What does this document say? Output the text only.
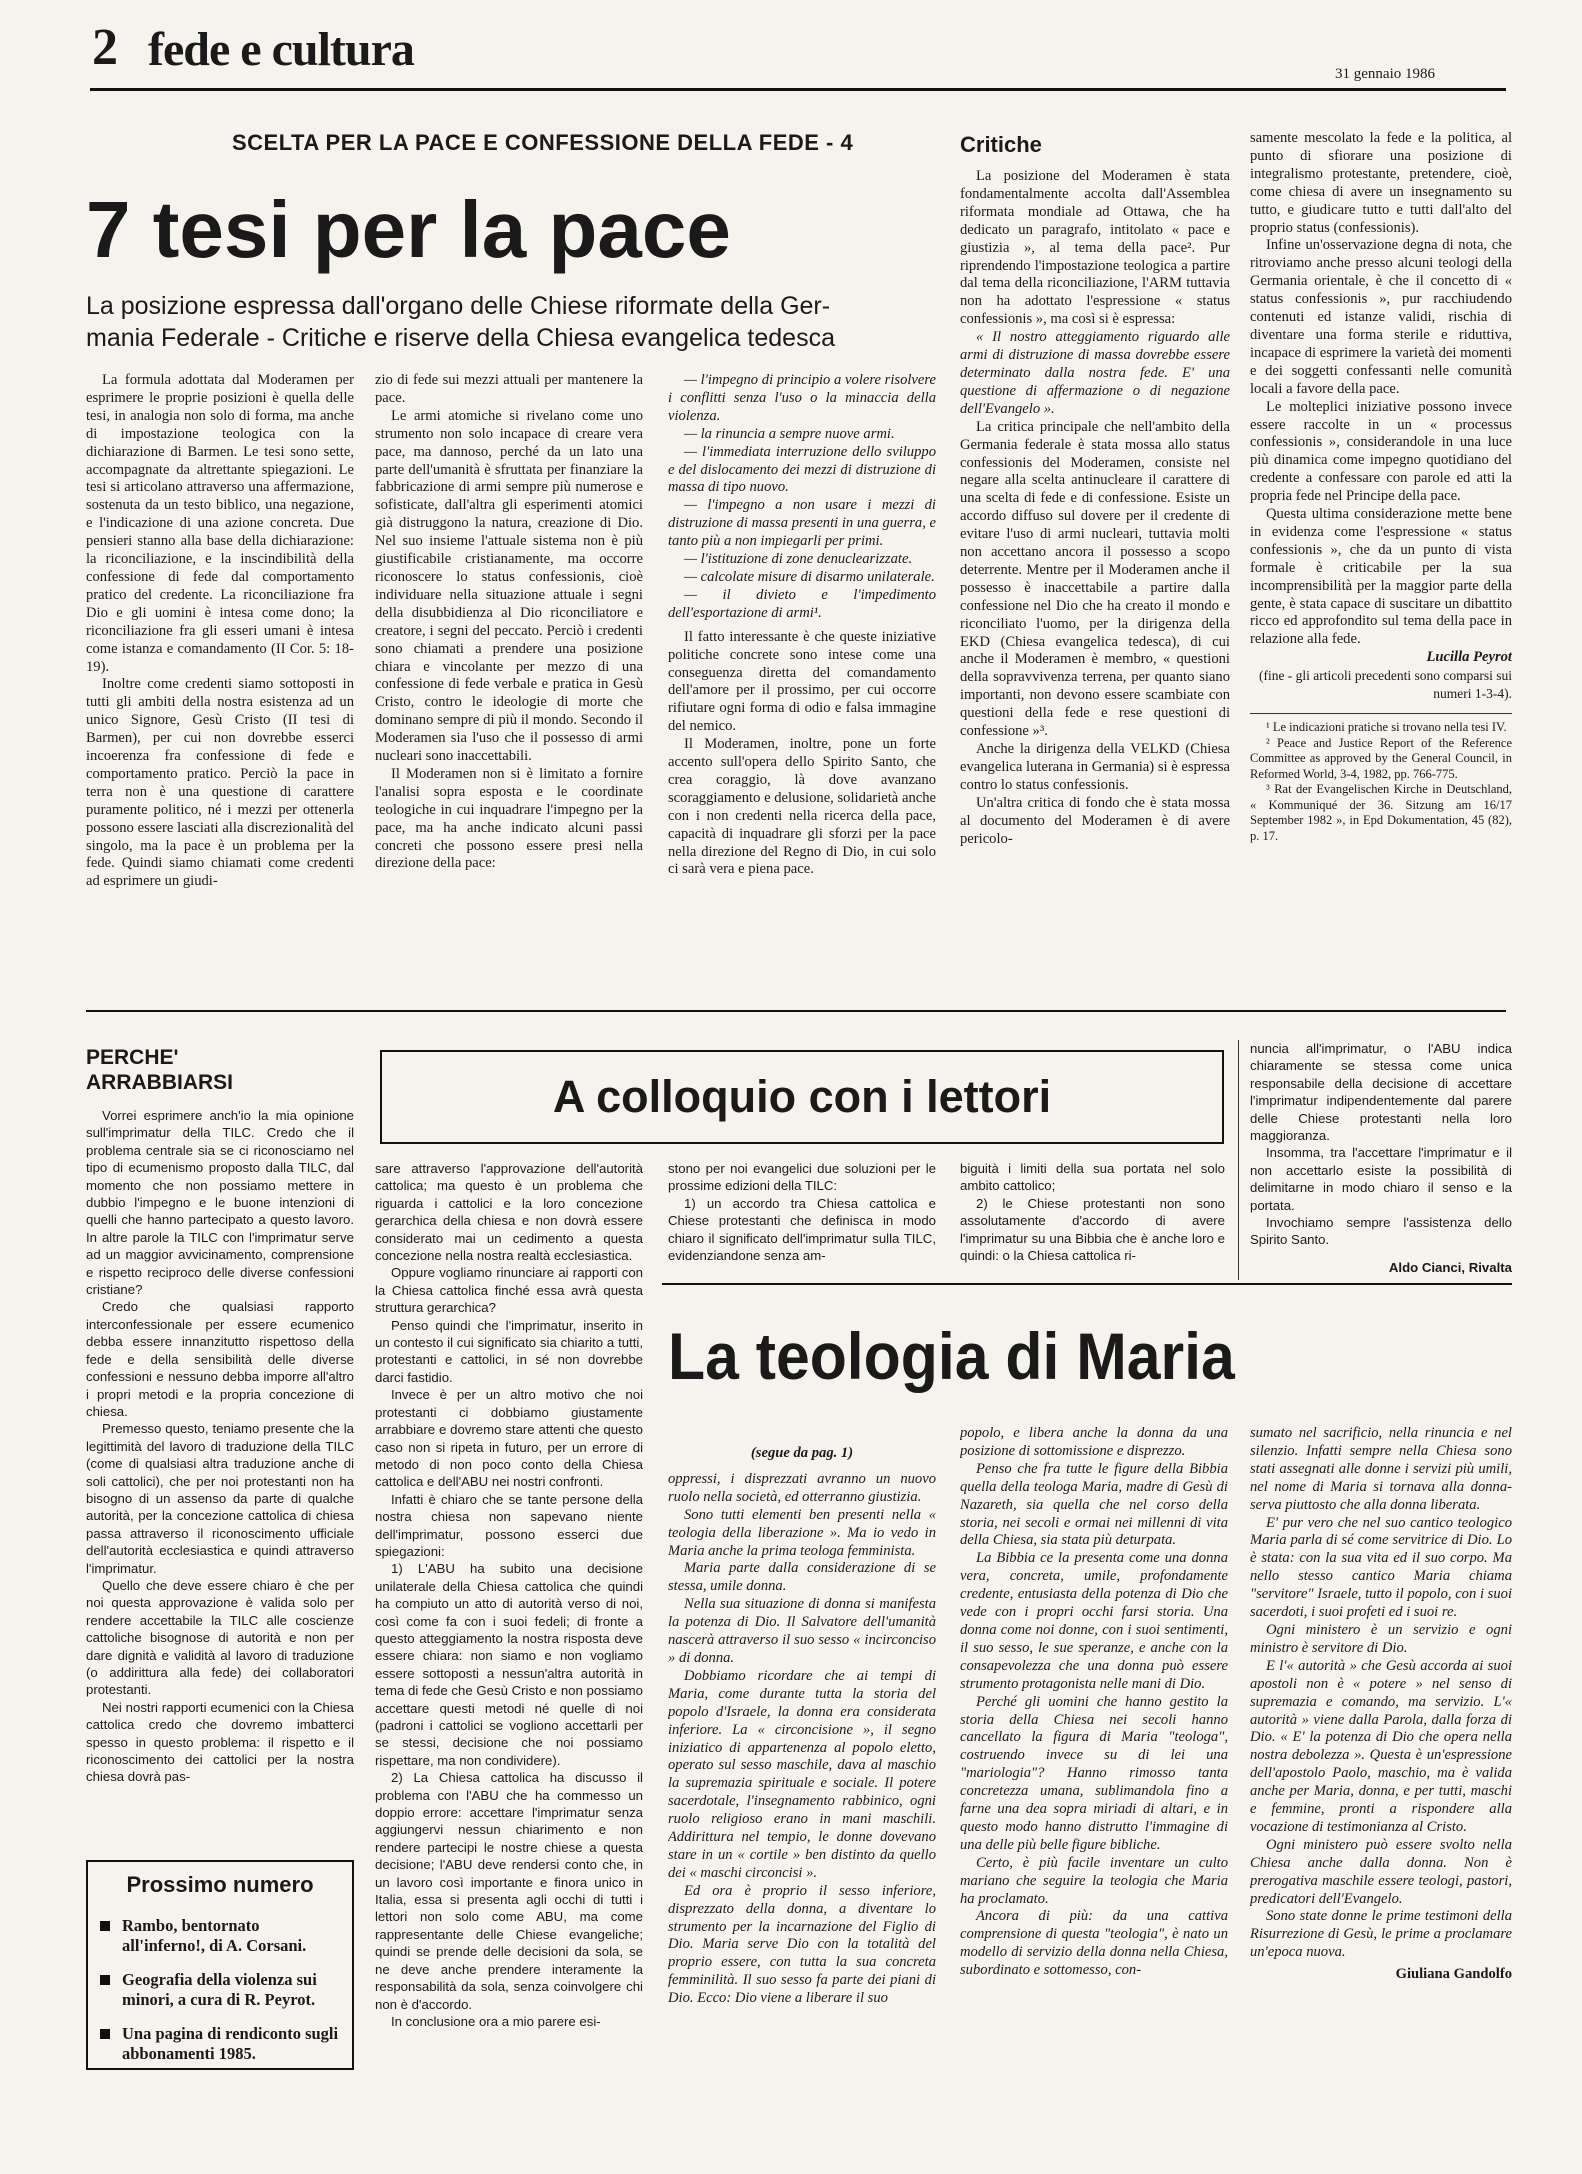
2 fede e cultura	31 gennaio 1986
SCELTA PER LA PACE E CONFESSIONE DELLA FEDE - 4
7 tesi per la pace
La posizione espressa dall'organo delle Chiese riformate della Ger-
mania Federale - Critiche e riserve della Chiesa evangelica tedesca

La formula adottata dal Moderamen per esprimere le proprie posizioni è quella delle tesi, in analogia non solo di forma, ma anche di impostazione teologica con la dichiarazione di Barmen. Le tesi sono sette, accompagnate da altrettante spiegazioni. Le tesi si articolano attraverso una affermazione, sostenuta da un testo biblico, una negazione, e l'indicazione di una azione concreta. Due pensieri stanno alla base della dichiarazione: la riconciliazione, e la inscindibilità della confessione di fede dal comportamento pratico del credente. La riconciliazione fra Dio e gli uomini è intesa come dono; la riconciliazione fra gli esseri umani è intesa come istanza e comandamento (II Cor. 5: 18-19).

Inoltre come credenti siamo sottoposti in tutti gli ambiti della nostra esistenza ad un unico Signore, Gesù Cristo (II tesi di Barmen), per cui non dovrebbe esserci incoerenza fra confessione di fede e comportamento pratico. Perciò la pace in terra non è una questione di carattere puramente politico, né i mezzi per ottenerla possono essere lasciati alla discrezionalità del singolo, ma la pace è un problema per la fede. Quindi siamo chiamati come credenti ad esprimere un giudi-

zio di fede sui mezzi attuali per mantenere la pace.

Le armi atomiche si rivelano come uno strumento non solo incapace di creare vera pace, ma dannoso, perché da un lato una parte dell'umanità è sfruttata per finanziare la fabbricazione di armi sempre più numerose e sofisticate, dall'altra gli esperimenti atomici già distruggono la natura, creazione di Dio. Nel suo insieme l'attuale sistema non è più giustificabile cristianamente, ma occorre riconoscere lo status confessionis, cioè individuare nella situazione attuale i segni della disubbidienza al Dio riconciliatore e creatore, i segni del peccato. Perciò i credenti sono chiamati a prendere una posizione chiara e vincolante per mezzo di una confessione di fede verbale e pratica in Gesù Cristo, contro le ideologie di morte che dominano sempre di più il mondo. Secondo il Moderamen sia l'uso che il possesso di armi nucleari sono inaccettabili.

Il Moderamen non si è limitato a fornire l'analisi sopra esposta e le coordinate teologiche in cui inquadrare l'impegno per la pace, ma ha anche indicato alcuni passi concreti che possono essere presi nella direzione della pace:

— l'impegno di principio a volere risolvere i conflitti senza l'uso o la minaccia della violenza.

— la rinuncia a sempre nuove armi.

— l'immediata interruzione dello sviluppo e del dislocamento dei mezzi di distruzione di massa di tipo nuovo.

— l'impegno a non usare i mezzi di distruzione di massa presenti in una guerra, e tanto più a non impiegarli per primi.

— l'istituzione di zone denuclearizzate.

— calcolate misure di disarmo unilaterale.

— il divieto e l'impedimento dell'esportazione di armi¹.

Il fatto interessante è che queste iniziative politiche concrete sono intese come una conseguenza diretta del comandamento dell'amore per il prossimo, per cui occorre rifiutare ogni forma di odio e falsa immagine del nemico.

Il Moderamen, inoltre, pone un forte accento sull'opera dello Spirito Santo, che crea coraggio, là dove avanzano scoraggiamento e delusione, solidarietà anche con i non credenti nella ricerca della pace, capacità di inquadrare gli sforzi per la pace nella direzione del Regno di Dio, in cui solo ci sarà vera e piena pace.

Critiche

La posizione del Moderamen è stata fondamentalmente accolta dall'Assemblea riformata mondiale ad Ottawa, che ha dedicato un paragrafo, intitolato « pace e giustizia », al tema della pace². Pur riprendendo l'impostazione teologica a partire dal tema della riconciliazione, l'ARM tuttavia non ha adottato l'espressione « status confessionis », ma così si è espressa:

« Il nostro atteggiamento riguardo alle armi di distruzione di massa dovrebbe essere determinato dalla nostra fede. E' una questione di affermazione o di negazione dell'Evangelo ».

La critica principale che nell'ambito della Germania federale è stata mossa allo status confessionis del Moderamen, consiste nel negare alla scelta antinucleare il carattere di una scelta di fede e di confessione. Esiste un accordo diffuso sul dovere per il credente di evitare l'uso di armi nucleari, tuttavia molti non accettano ancora il possesso a scopo deterrente. Mentre per il Moderamen anche il possesso è inaccettabile a partire dalla confessione nel Dio che ha creato il mondo e riconciliato l'uomo, per la dirigenza della EKD (Chiesa evangelica tedesca), di cui anche il Moderamen è membro, « questioni della sopravvivenza terrena, per quanto siano importanti, non devono essere scambiate con questioni della fede e rese questioni di confessione »³.

Anche la dirigenza della VELKD (Chiesa evangelica luterana in Germania) si è espressa contro lo status confessionis.

Un'altra critica di fondo che è stata mossa al documento del Moderamen è di avere pericolo-

samente mescolato la fede e la politica, al punto di sfiorare una posizione di integralismo protestante, pretendere, cioè, come chiesa di avere un insegnamento su tutto, e giudicare tutto e tutti dall'alto del proprio status (confessionis).

Infine un'osservazione degna di nota, che ritroviamo anche presso alcuni teologi della Germania orientale, è che il concetto di « status confessionis », pur racchiudendo contenuti ed istanze validi, rischia di diventare una forma sterile e riduttiva, incapace di esprimere la varietà dei momenti e dei soggetti confessanti nelle comunità locali a favore della pace.

Le molteplici iniziative possono invece essere raccolte in un « processus confessionis », considerandole in una luce più dinamica come impegno quotidiano del credente a confessare con parole ed atti la propria fede nel Principe della pace.

Questa ultima considerazione mette bene in evidenza come l'espressione « status confessionis », che da un punto di vista formale è criticabile per la sua incomprensibilità per la maggior parte della gente, è stata capace di suscitare un dibattito ricco ed approfondito sul tema della pace in relazione alla fede.

Lucilla Peyrot
(fine - gli articoli precedenti sono comparsi sui numeri 1-3-4).

¹ Le indicazioni pratiche si trovano nella tesi IV.

² Peace and Justice Report of the Reference Committee as approved by the General Council, in Reformed World, 3-4, 1982, pp. 766-775.

³ Rat der Evangelischen Kirche in Deutschland, « Kommuniqué der 36. Sitzung am 16/17 September 1982 », in Epd Dokumentation, 45 (82), p. 17.

PERCHE'
ARRABBIARSI	A colloquio con i lettori

Vorrei esprimere anch'io la mia opinione sull'imprimatur della TILC. Credo che il problema centrale sia se ci riconosciamo nel tipo di ecumenismo proposto dalla TILC, dal momento che non possiamo mettere in dubbio l'impegno e le buone intenzioni di quelli che hanno partecipato a questo lavoro. In altre parole la TILC con l'imprimatur serve ad un maggior avvicinamento, comprensione e rispetto reciproco delle diverse confessioni cristiane?

Credo che qualsiasi rapporto interconfessionale per essere ecumenico debba essere innanzitutto rispettoso della fede e della sensibilità delle diverse confessioni e nessuno debba imporre all'altro i propri metodi e la propria concezione di chiesa.

Premesso questo, teniamo presente che la legittimità del lavoro di traduzione della TILC (come di qualsiasi altra traduzione anche di soli cattolici), che per noi protestanti non ha bisogno di un assenso da parte di qualche autorità, per la concezione cattolica di chiesa passa attraverso il riconoscimento ufficiale dell'autorità ecclesiastica e quindi attraverso l'imprimatur.

Quello che deve essere chiaro è che per noi questa approvazione è valida solo per rendere accettabile la TILC alle coscienze cattoliche bisognose di autorità e non per dare dignità e validità al lavoro di traduzione (o addirittura alla fede) dei collaboratori protestanti.

Nei nostri rapporti ecumenici con la Chiesa cattolica credo che dovremo imbatterci spesso in questo problema: il rispetto e il riconoscimento dei cattolici per la nostra chiesa dovrà pas-

sare attraverso l'approvazione dell'autorità cattolica; ma questo è un problema che riguarda i cattolici e la loro concezione gerarchica della chiesa e non dovrà essere considerato mai un cedimento a questa concezione nella nostra realtà ecclesiastica.

Oppure vogliamo rinunciare ai rapporti con la Chiesa cattolica finché essa avrà questa struttura gerarchica?

Penso quindi che l'imprimatur, inserito in un contesto il cui significato sia chiarito a tutti, protestanti e cattolici, in sé non dovrebbe darci fastidio.

Invece è per un altro motivo che noi protestanti ci dobbiamo giustamente arrabbiare e dovremo stare attenti che questo caso non si ripeta in futuro, per un errore di metodo di non poco conto della Chiesa cattolica e dell'ABU nei nostri confronti.

Infatti è chiaro che se tante persone della nostra chiesa non sapevano niente dell'imprimatur, possono esserci due spiegazioni:

1) L'ABU ha subito una decisione unilaterale della Chiesa cattolica che quindi ha compiuto un atto di autorità verso di noi, così come fa con i suoi fedeli; di fronte a questo atteggiamento la nostra risposta deve essere chiara: non siamo e non vogliamo essere sottoposti a nessun'altra autorità in tema di fede che Gesù Cristo e non possiamo accettare questi metodi né quelle di noi (padroni i cattolici se vogliono accettarli per se stessi, decisione che noi possiamo rispettare, ma non condividere).

2) La Chiesa cattolica ha discusso il problema con l'ABU che ha commesso un doppio errore: accettare l'imprimatur senza aggiungervi nessun chiarimento e non rendere partecipi le nostre chiese a questa decisione; l'ABU deve rendersi conto che, in un lavoro così importante e finora unico in Italia, essa si presenta agli occhi di tutti i lettori non solo come ABU, ma come rappresentante delle Chiese evangeliche; quindi se prende delle decisioni da sola, se ne deve anche prendere interamente la responsabilità da sola, senza coinvolgere chi non è d'accordo.

In conclusione ora a mio parere esi-

stono per noi evangelici due soluzioni per le prossime edizioni della TILC:

1) un accordo tra Chiesa cattolica e Chiese protestanti che definisca in modo chiaro il significato dell'imprimatur sulla TILC, evidenziandone senza am-

biguità i limiti della sua portata nel solo ambito cattolico;

2) le Chiese protestanti non sono assolutamente d'accordo di avere l'imprimatur su una Bibbia che è anche loro e quindi: o la Chiesa cattolica ri-

nuncia all'imprimatur, o l'ABU indica chiaramente se stessa come unica responsabile della decisione di accettare l'imprimatur indipendentemente dal parere delle Chiese protestanti nella loro maggioranza.

Insomma, tra l'accettare l'imprimatur e il non accettarlo esiste la possibilità di delimitarne in modo chiaro il senso e la portata.

Invochiamo sempre l'assistenza dello Spirito Santo.

Aldo Cianci, Rivalta
Prossimo numero
Rambo, bentornato all'inferno!, di A. Corsani.
Geografia della violenza sui minori, a cura di R. Peyrot.
Una pagina di rendiconto sugli abbonamenti 1985.
La teologia di Maria
(segue da pag. 1)

oppressi, i disprezzati avranno un nuovo ruolo nella società, ed otterranno giustizia.

Sono tutti elementi ben presenti nella « teologia della liberazione ». Ma io vedo in Maria anche la prima teologa femminista.

Maria parte dalla considerazione di se stessa, umile donna.

Nella sua situazione di donna si manifesta la potenza di Dio. Il Salvatore dell'umanità nascerà attraverso il suo sesso « incirconciso » di donna.

Dobbiamo ricordare che ai tempi di Maria, come durante tutta la storia del popolo d'Israele, la donna era considerata inferiore. La « circoncisione », il segno iniziatico di appartenenza al popolo eletto, operato sul sesso maschile, dava al maschio la supremazia spirituale e sociale. Il potere sacerdotale, l'insegnamento rabbinico, ogni ruolo religioso erano in mani maschili. Addirittura nel tempio, le donne dovevano stare in un « cortile » ben distinto da quello dei « maschi circoncisi ».

Ed ora è proprio il sesso inferiore, disprezzato della donna, a diventare lo strumento per la incarnazione del Figlio di Dio. Maria serve Dio con la totalità del proprio essere, con tutta la sua concreta femminilità. Il suo sesso fa parte dei piani di Dio. Ecco: Dio viene a liberare il suo

popolo, e libera anche la donna da una posizione di sottomissione e disprezzo.

Penso che fra tutte le figure della Bibbia quella della teologa Maria, madre di Gesù di Nazareth, sia quella che nel corso della storia, nei secoli e ormai nei millenni di vita della Chiesa, sia stata più deturpata.

La Bibbia ce la presenta come una donna vera, concreta, umile, profondamente credente, entusiasta della potenza di Dio che vede con i propri occhi farsi storia. Una donna come noi donne, con i suoi sentimenti, il suo sesso, le sue speranze, e anche con la consapevolezza che una donna può essere strumento protagonista nelle mani di Dio.

Perché gli uomini che hanno gestito la storia della Chiesa nei secoli hanno cancellato la figura di Maria "teologa", costruendo invece su di lei una "mariologia"? Hanno rimosso tanta concretezza umana, sublimandola fino a farne una dea sopra miriadi di altari, e in questo modo hanno distrutto l'immagine di una delle più belle figure bibliche.

Certo, è più facile inventare un culto mariano che seguire la teologia che Maria ha proclamato.

Ancora di più: da una cattiva comprensione di questa "teologia", è nato un modello di servizio della donna nella Chiesa, subordinato e sottomesso, con-

sumato nel sacrificio, nella rinuncia e nel silenzio. Infatti sempre nella Chiesa sono stati assegnati alle donne i servizi più umili, nel nome di Maria si tornava alla donna-serva piuttosto che alla donna liberata.

E' pur vero che nel suo cantico teologico Maria parla di sé come servitrice di Dio. Lo è stata: con la sua vita ed il suo corpo. Ma nello stesso cantico Maria chiama "servitore" Israele, tutto il popolo, con i suoi sacerdoti, i suoi profeti ed i suoi re.

Ogni ministero è un servizio e ogni ministro è servitore di Dio.

E l'« autorità » che Gesù accorda ai suoi apostoli non è « potere » nel senso di supremazia e comando, ma servizio. L'« autorità » viene dalla Parola, dalla forza di Dio. « E' la potenza di Dio che opera nella nostra debolezza ». Questa è un'espressione dell'apostolo Paolo, maschio, ma è valida anche per Maria, donna, e per tutti, maschi e femmine, pronti a rispondere alla vocazione di testimonianza al Cristo.

Ogni ministero può essere svolto nella Chiesa anche dalla donna. Non è prerogativa maschile essere teologi, pastori, predicatori dell'Evangelo.

Sono state donne le prime testimoni della Risurrezione di Gesù, le prime a proclamare un'epoca nuova.

Giuliana Gandolfo
